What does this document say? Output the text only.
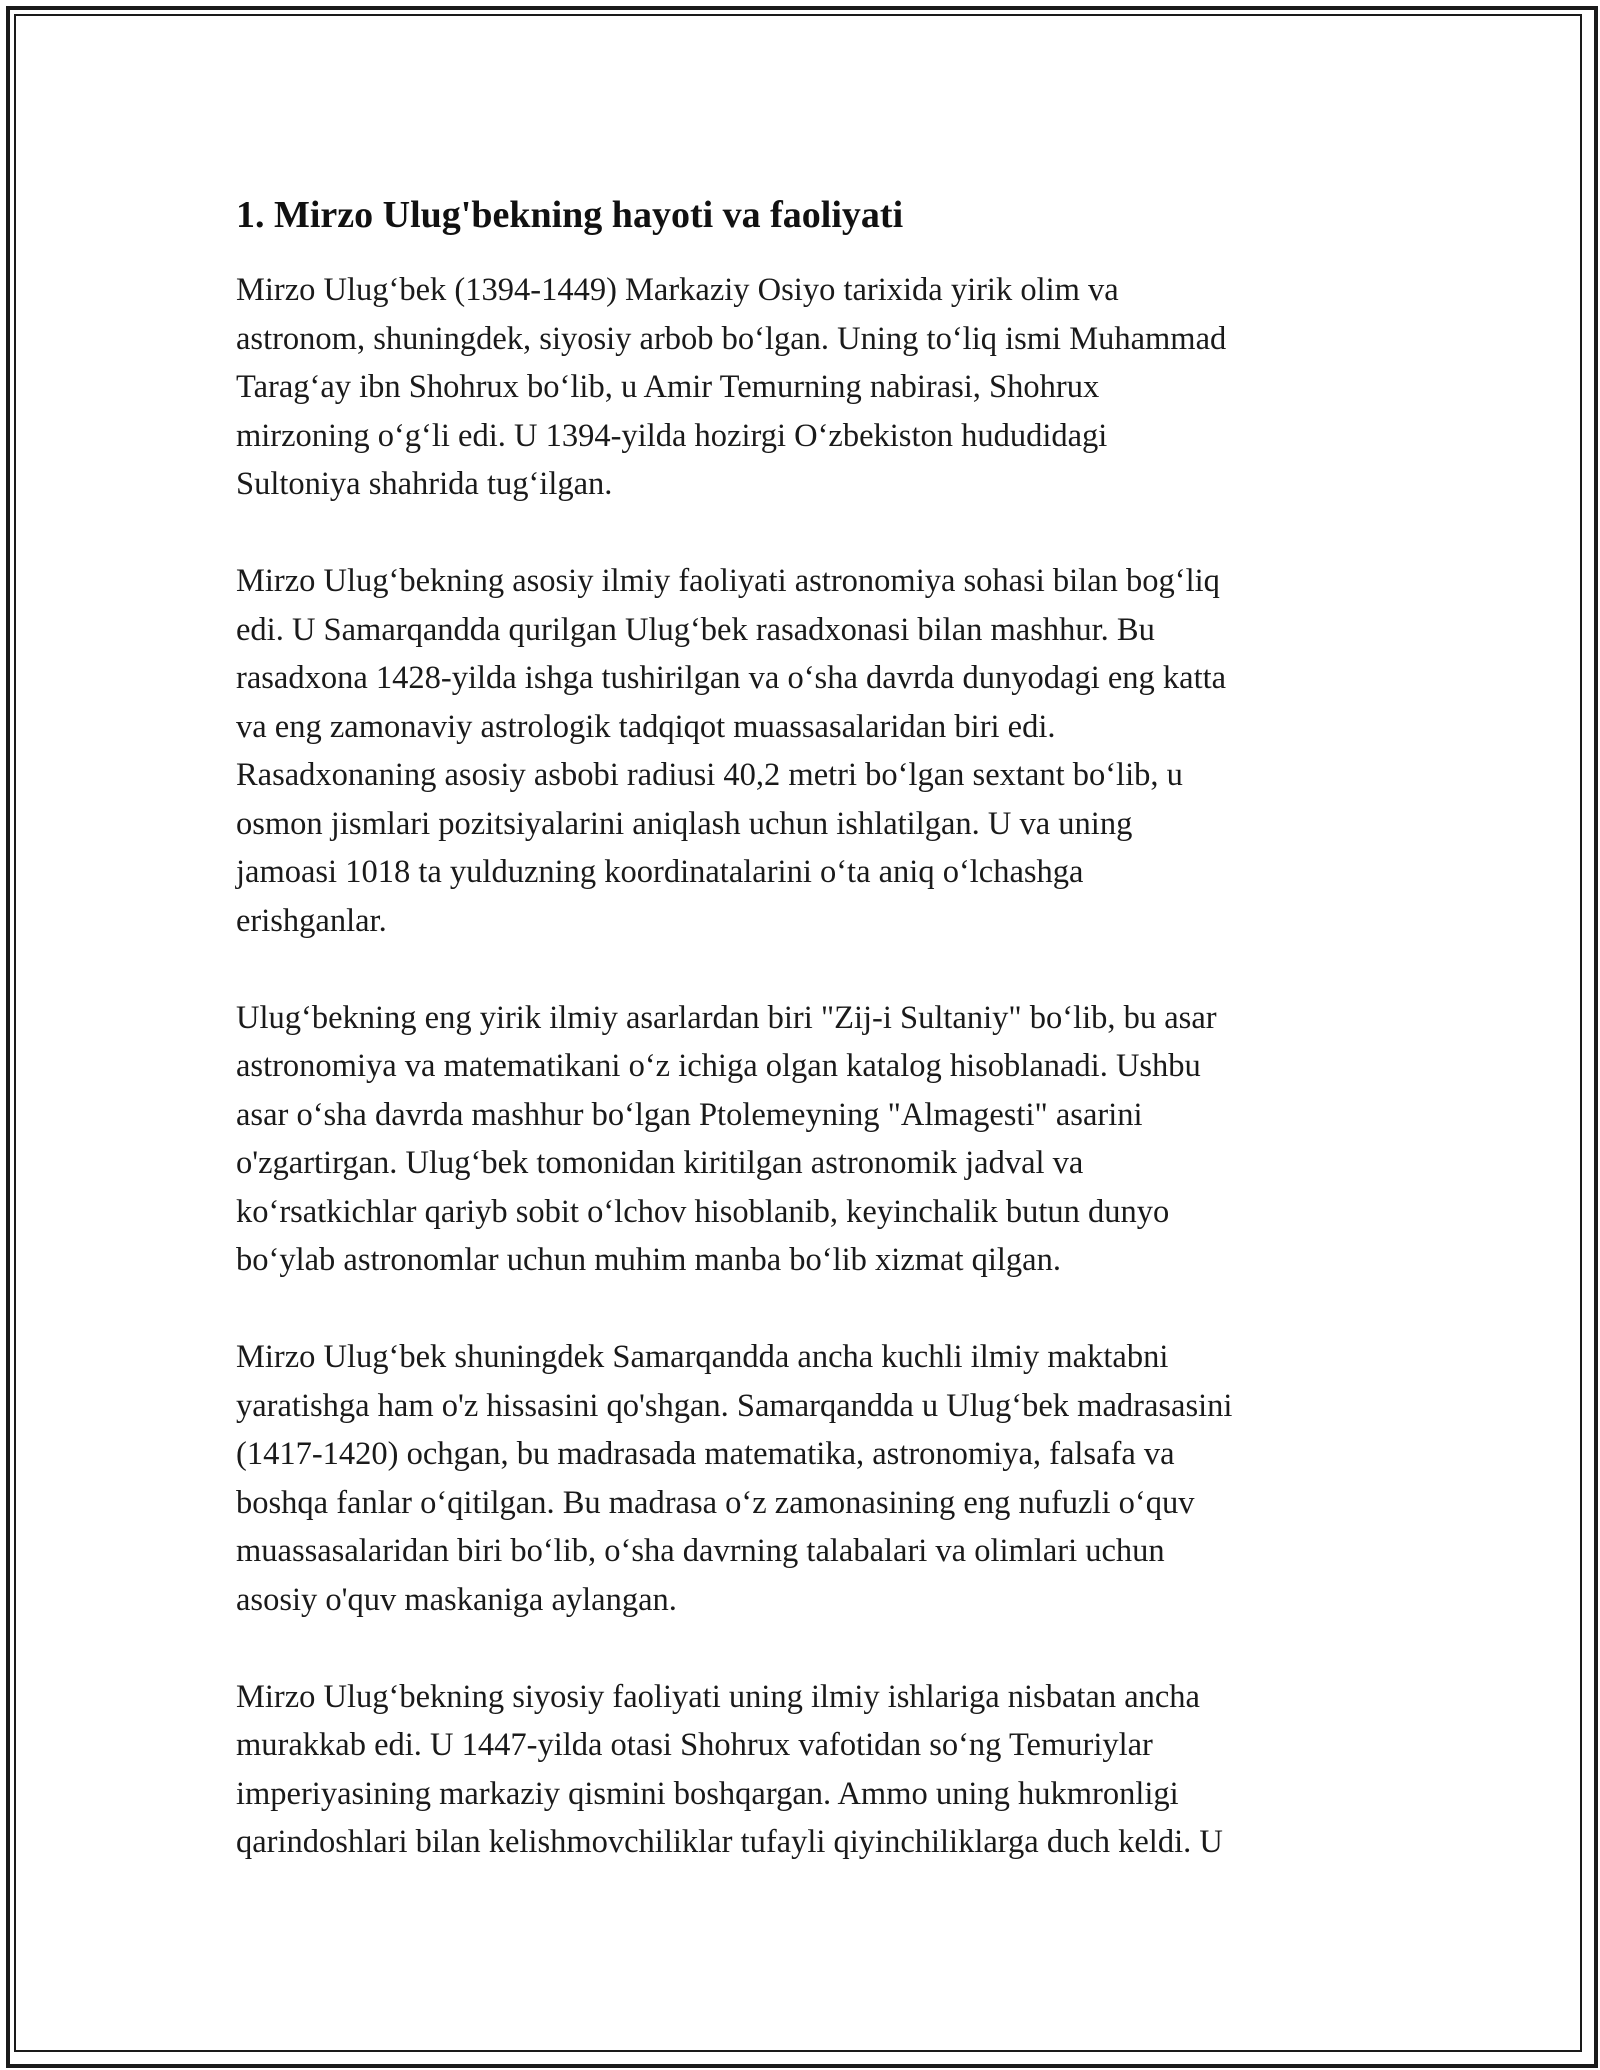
1. Mirzo Ulug'bekning hayoti va faoliyati

Mirzo Ulug‘bek (1394-1449) Markaziy Osiyo tarixida yirik olim va
astronom, shuningdek, siyosiy arbob bo‘lgan. Uning to‘liq ismi Muhammad
Tarag‘ay ibn Shohrux bo‘lib, u Amir Temurning nabirasi, Shohrux
mirzoning o‘g‘li edi. U 1394-yilda hozirgi O‘zbekiston hududidagi
Sultoniya shahrida tug‘ilgan.

Mirzo Ulug‘bekning asosiy ilmiy faoliyati astronomiya sohasi bilan bog‘liq
edi. U Samarqandda qurilgan Ulug‘bek rasadxonasi bilan mashhur. Bu
rasadxona 1428-yilda ishga tushirilgan va o‘sha davrda dunyodagi eng katta
va eng zamonaviy astrologik tadqiqot muassasalaridan biri edi.
Rasadxonaning asosiy asbobi radiusi 40,2 metri bo‘lgan sextant bo‘lib, u
osmon jismlari pozitsiyalarini aniqlash uchun ishlatilgan. U va uning
jamoasi 1018 ta yulduzning koordinatalarini o‘ta aniq o‘lchashga
erishganlar.

Ulug‘bekning eng yirik ilmiy asarlardan biri "Zij-i Sultaniy" bo‘lib, bu asar
astronomiya va matematikani o‘z ichiga olgan katalog hisoblanadi. Ushbu
asar o‘sha davrda mashhur bo‘lgan Ptolemeyning "Almagesti" asarini
o'zgartirgan. Ulug‘bek tomonidan kiritilgan astronomik jadval va
ko‘rsatkichlar qariyb sobit o‘lchov hisoblanib, keyinchalik butun dunyo
bo‘ylab astronomlar uchun muhim manba bo‘lib xizmat qilgan.

Mirzo Ulug‘bek shuningdek Samarqandda ancha kuchli ilmiy maktabni
yaratishga ham o'z hissasini qo'shgan. Samarqandda u Ulug‘bek madrasasini
(1417-1420) ochgan, bu madrasada matematika, astronomiya, falsafa va
boshqa fanlar o‘qitilgan. Bu madrasa o‘z zamonasining eng nufuzli o‘quv
muassasalaridan biri bo‘lib, o‘sha davrning talabalari va olimlari uchun
asosiy o'quv maskaniga aylangan.

Mirzo Ulug‘bekning siyosiy faoliyati uning ilmiy ishlariga nisbatan ancha
murakkab edi. U 1447-yilda otasi Shohrux vafotidan so‘ng Temuriylar
imperiyasining markaziy qismini boshqargan. Ammo uning hukmronligi
qarindoshlari bilan kelishmovchiliklar tufayli qiyinchiliklarga duch keldi. U
